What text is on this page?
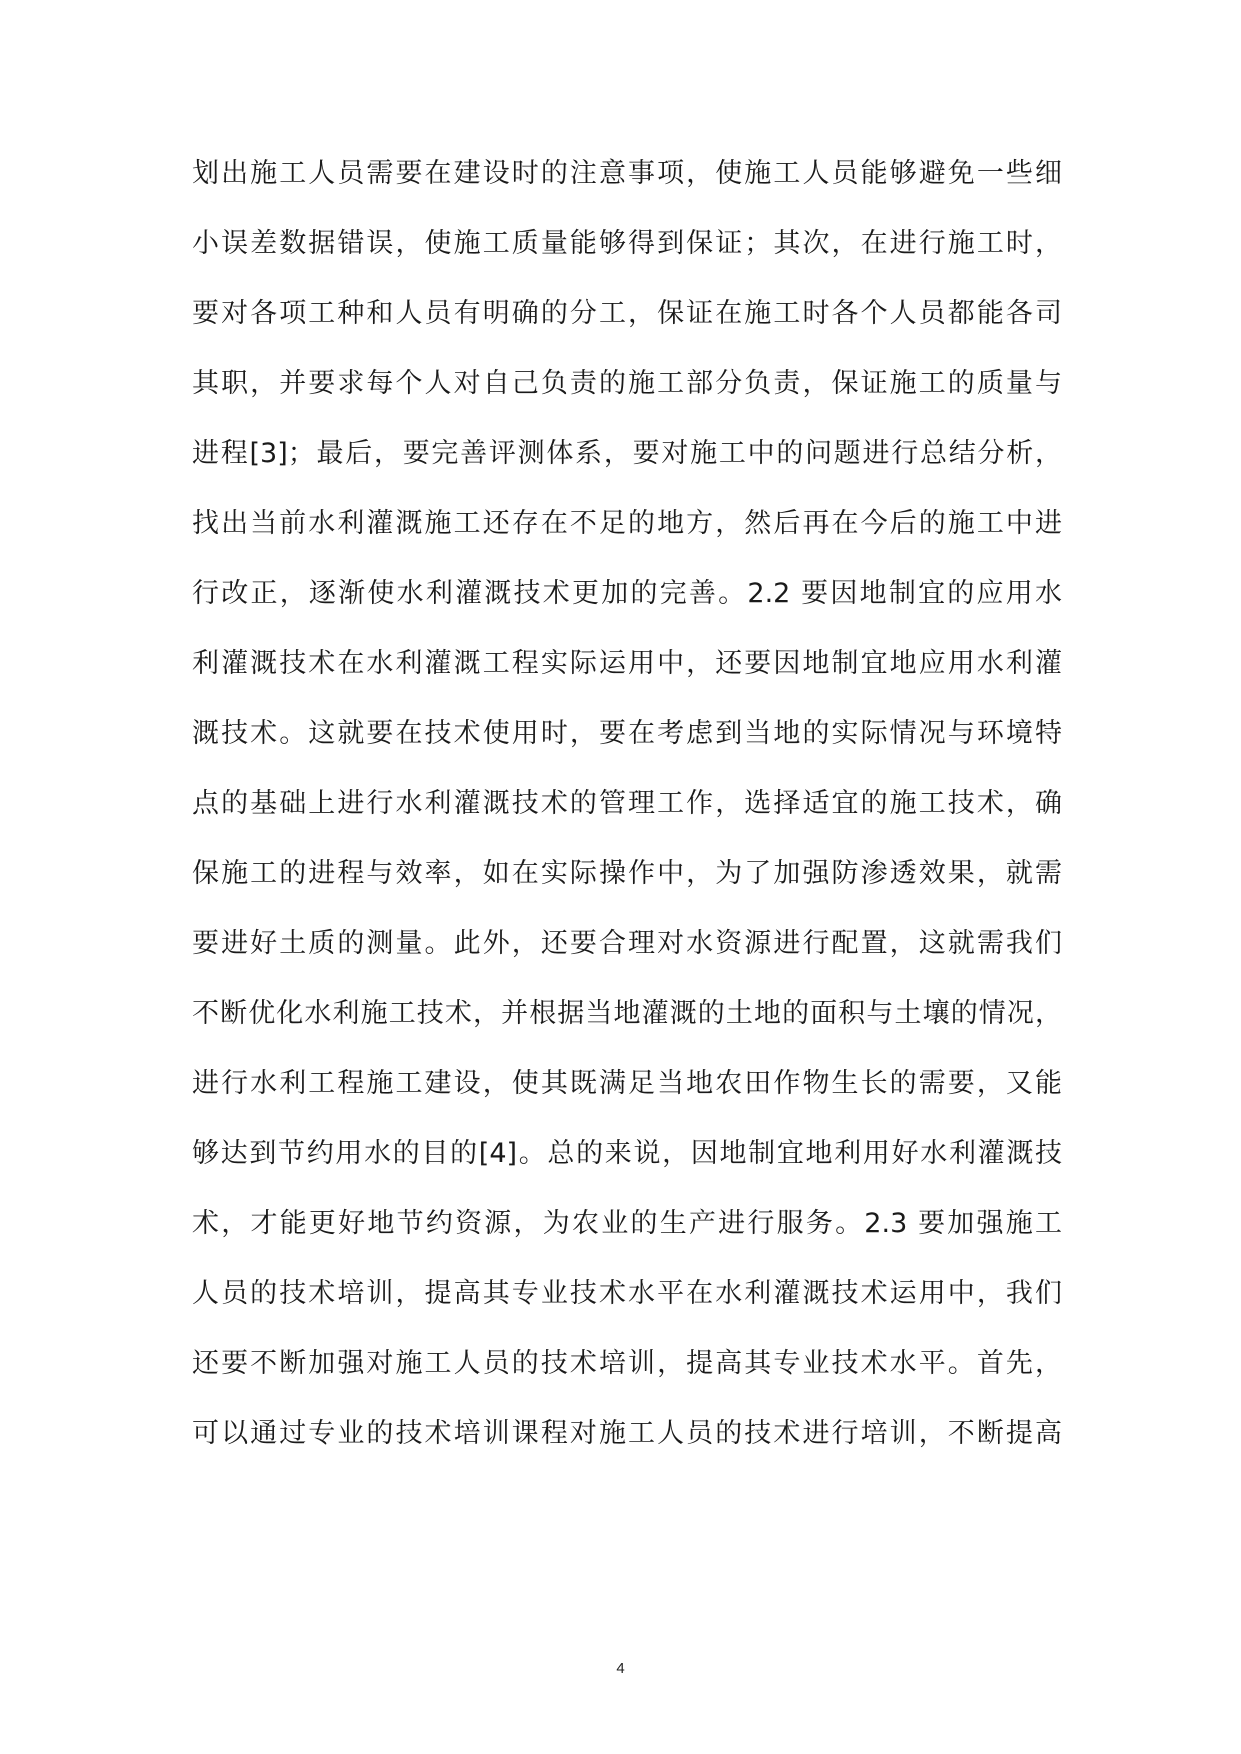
划出施工人员需要在建设时的注意事项，使施工人员能够避免一些细
小误差数据错误，使施工质量能够得到保证；其次，在进行施工时，
要对各项工种和人员有明确的分工，保证在施工时各个人员都能各司
其职，并要求每个人对自己负责的施工部分负责，保证施工的质量与
进程[3]；最后，要完善评测体系，要对施工中的问题进行总结分析，
找出当前水利灌溉施工还存在不足的地方，然后再在今后的施工中进
行改正，逐渐使水利灌溉技术更加的完善。2.2 要因地制宜的应用水
利灌溉技术在水利灌溉工程实际运用中，还要因地制宜地应用水利灌
溉技术。这就要在技术使用时，要在考虑到当地的实际情况与环境特
点的基础上进行水利灌溉技术的管理工作，选择适宜的施工技术，确
保施工的进程与效率，如在实际操作中，为了加强防渗透效果，就需
要进好土质的测量。此外，还要合理对水资源进行配置，这就需我们
不断优化水利施工技术，并根据当地灌溉的土地的面积与土壤的情况，
进行水利工程施工建设，使其既满足当地农田作物生长的需要，又能
够达到节约用水的目的[4]。总的来说，因地制宜地利用好水利灌溉技
术，才能更好地节约资源，为农业的生产进行服务。2.3 要加强施工
人员的技术培训，提高其专业技术水平在水利灌溉技术运用中，我们
还要不断加强对施工人员的技术培训，提高其专业技术水平。首先，
可以通过专业的技术培训课程对施工人员的技术进行培训，不断提高
4
